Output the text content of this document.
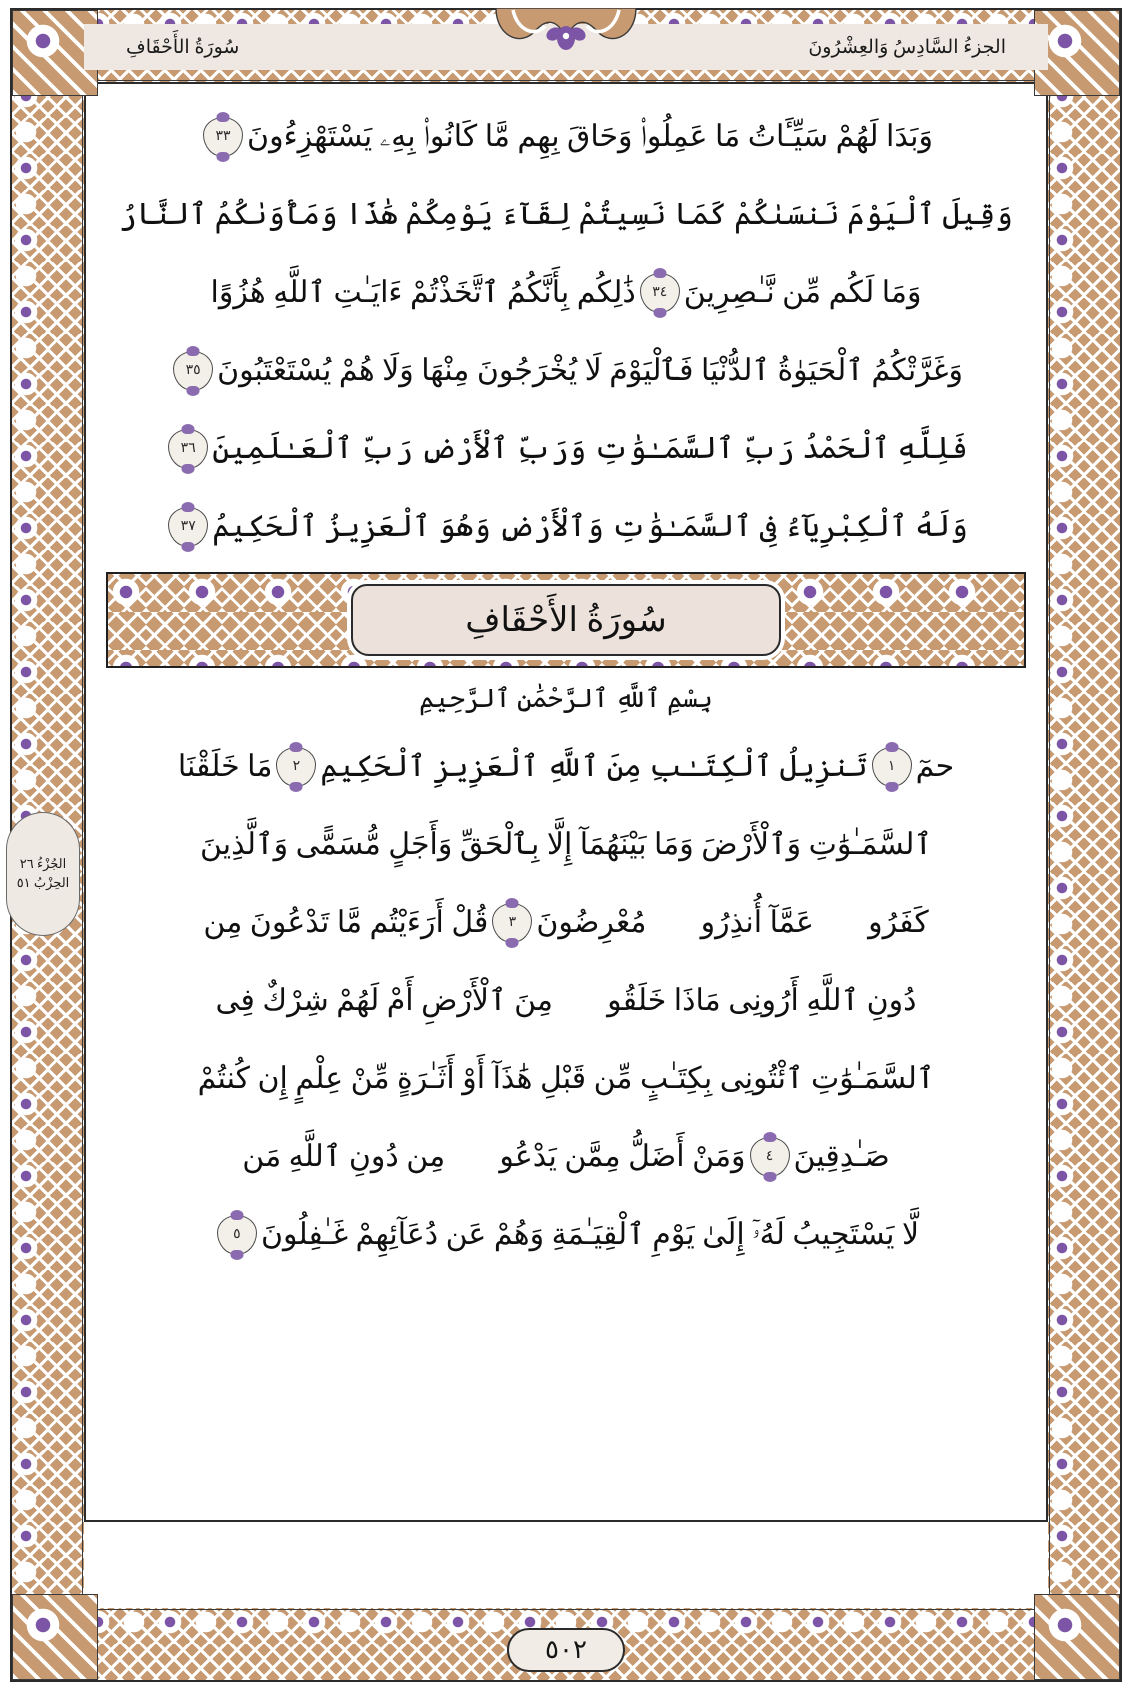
الجزءُ السَّادِسُ وَالعِشْرُونَ
سُورَةُ الأَحْقَافِ
وَبَدَا لَهُمْ سَيِّـَٔاتُ مَا عَمِلُوا۟ وَحَاقَ بِهِم مَّا كَانُوا۟ بِهِۦ يَسْتَهْزِءُونَ
٣٣
وَقِيلَ ٱلْيَوْمَ نَنسَىٰكُمْ كَمَا نَسِيتُمْ لِقَآءَ يَوْمِكُمْ هَٰذَا وَمَأْوَىٰكُمُ ٱلنَّارُ
وَمَا لَكُم مِّن نَّـٰصِرِينَ
٣٤
ذَٰلِكُم بِأَنَّكُمُ ٱتَّخَذْتُمْ ءَايَـٰتِ ٱللَّهِ هُزُوًا
وَغَرَّتْكُمُ ٱلْحَيَوٰةُ ٱلدُّنْيَا فَٱلْيَوْمَ لَا يُخْرَجُونَ مِنْهَا وَلَا هُمْ يُسْتَعْتَبُونَ
٣٥
فَلِلَّهِ ٱلْحَمْدُ رَبِّ ٱلسَّمَـٰوَٰتِ وَرَبِّ ٱلْأَرْضِ رَبِّ ٱلْعَـٰلَمِينَ
٣٦
وَلَهُ ٱلْكِبْرِيَآءُ فِى ٱلسَّمَـٰوَٰتِ وَٱلْأَرْضِ وَهُوَ ٱلْعَزِيزُ ٱلْحَكِيمُ
٣٧
سُورَةُ الأَحْقَافِ
بِسْمِ ٱللَّهِ ٱلرَّحْمَٰنِ ٱلرَّحِيمِ
حمٓ
١
تَنزِيلُ ٱلْكِتَـٰبِ مِنَ ٱللَّهِ ٱلْعَزِيزِ ٱلْحَكِيمِ
٢
مَا خَلَقْنَا
ٱلسَّمَـٰوَٰتِ وَٱلْأَرْضَ وَمَا بَيْنَهُمَآ إِلَّا بِٱلْحَقِّ وَأَجَلٍ مُّسَمًّى وَٱلَّذِينَ
كَفَرُوا۟ عَمَّآ أُنذِرُوا۟ مُعْرِضُونَ
٣
قُلْ أَرَءَيْتُم مَّا تَدْعُونَ مِن
دُونِ ٱللَّهِ أَرُونِى مَاذَا خَلَقُوا۟ مِنَ ٱلْأَرْضِ أَمْ لَهُمْ شِرْكٌ فِى
ٱلسَّمَـٰوَٰتِ ٱئْتُونِى بِكِتَـٰبٍ مِّن قَبْلِ هَٰذَآ أَوْ أَثَـٰرَةٍ مِّنْ عِلْمٍ إِن كُنتُمْ
صَـٰدِقِينَ
٤
وَمَنْ أَضَلُّ مِمَّن يَدْعُوا۟ مِن دُونِ ٱللَّهِ مَن
لَّا يَسْتَجِيبُ لَهُۥٓ إِلَىٰ يَوْمِ ٱلْقِيَـٰمَةِ وَهُمْ عَن دُعَآئِهِمْ غَـٰفِلُونَ
٥
الجُزْءُ ٢٦
الحِزْبُ ٥١
٥٠٢
